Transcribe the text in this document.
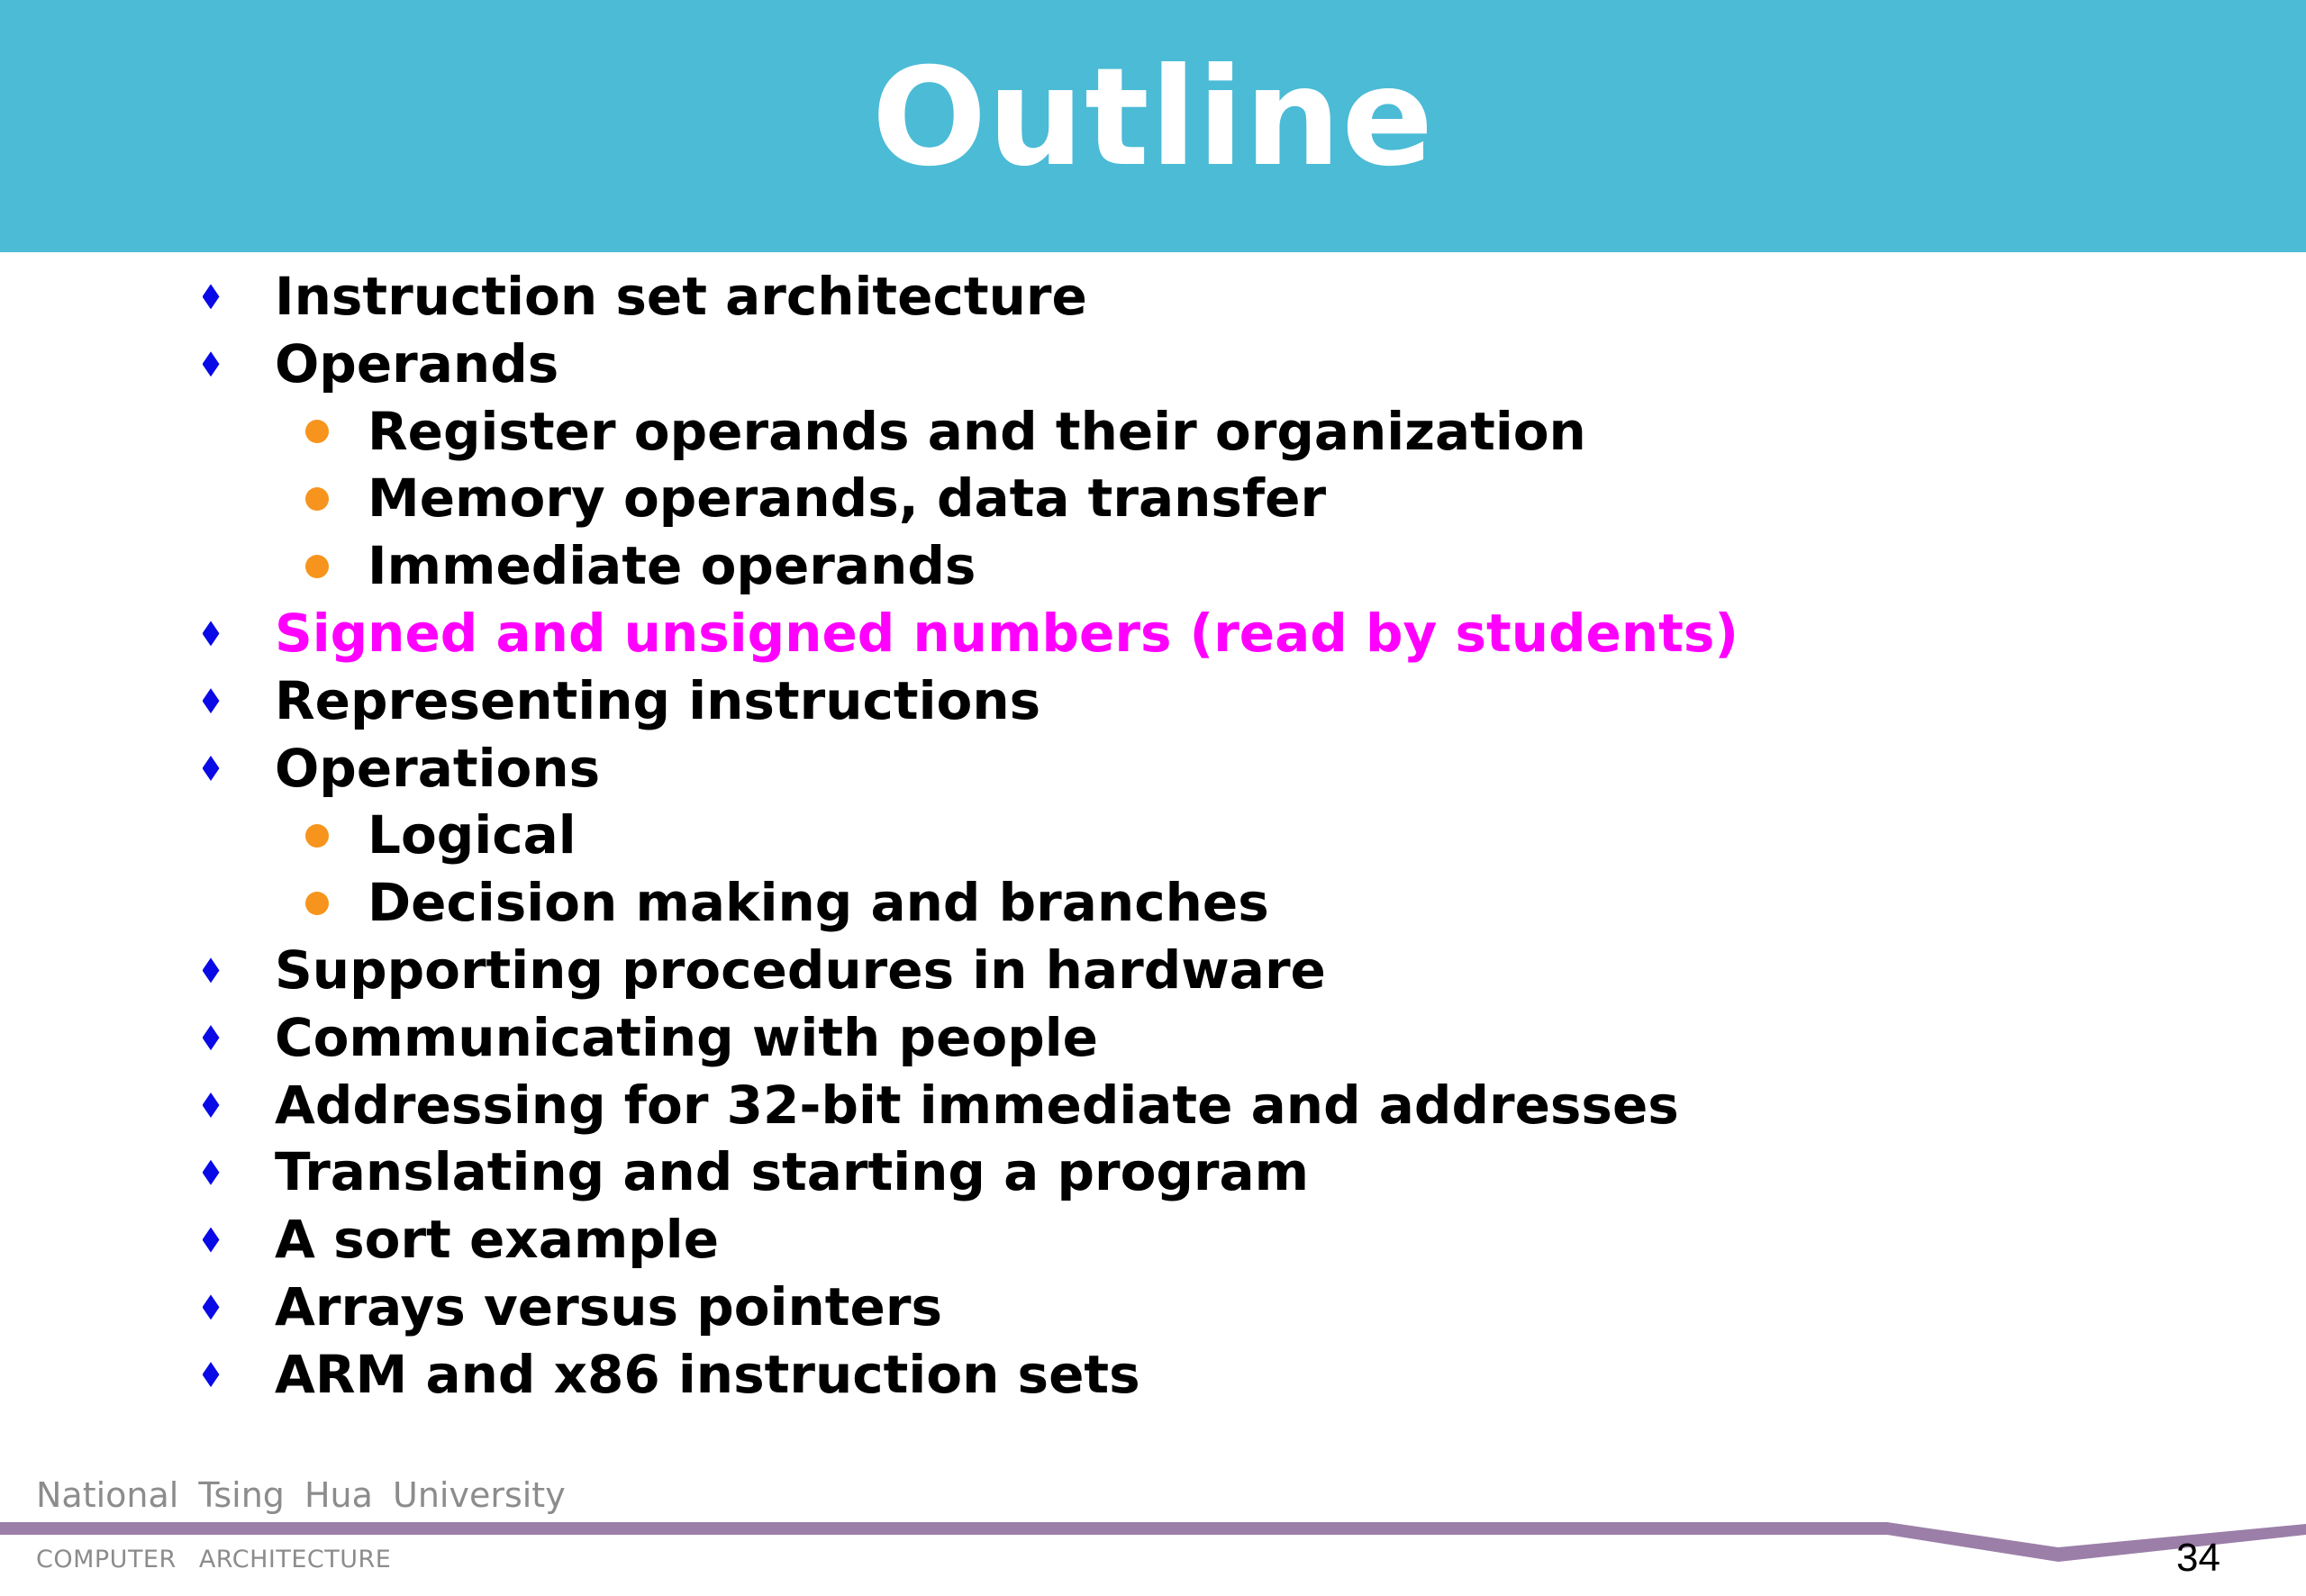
Outline
Instruction set architecture
Operands
Register operands and their organization
Memory operands, data transfer
Immediate operands
Signed and unsigned numbers (read by students)
Representing instructions
Operations
Logical
Decision making and branches
Supporting procedures in hardware
Communicating with people
Addressing for 32-bit immediate and addresses
Translating and starting a program
A sort example
Arrays versus pointers
ARM and x86 instruction sets
National Tsing Hua University
COMPUTER ARCHITECTURE	34
